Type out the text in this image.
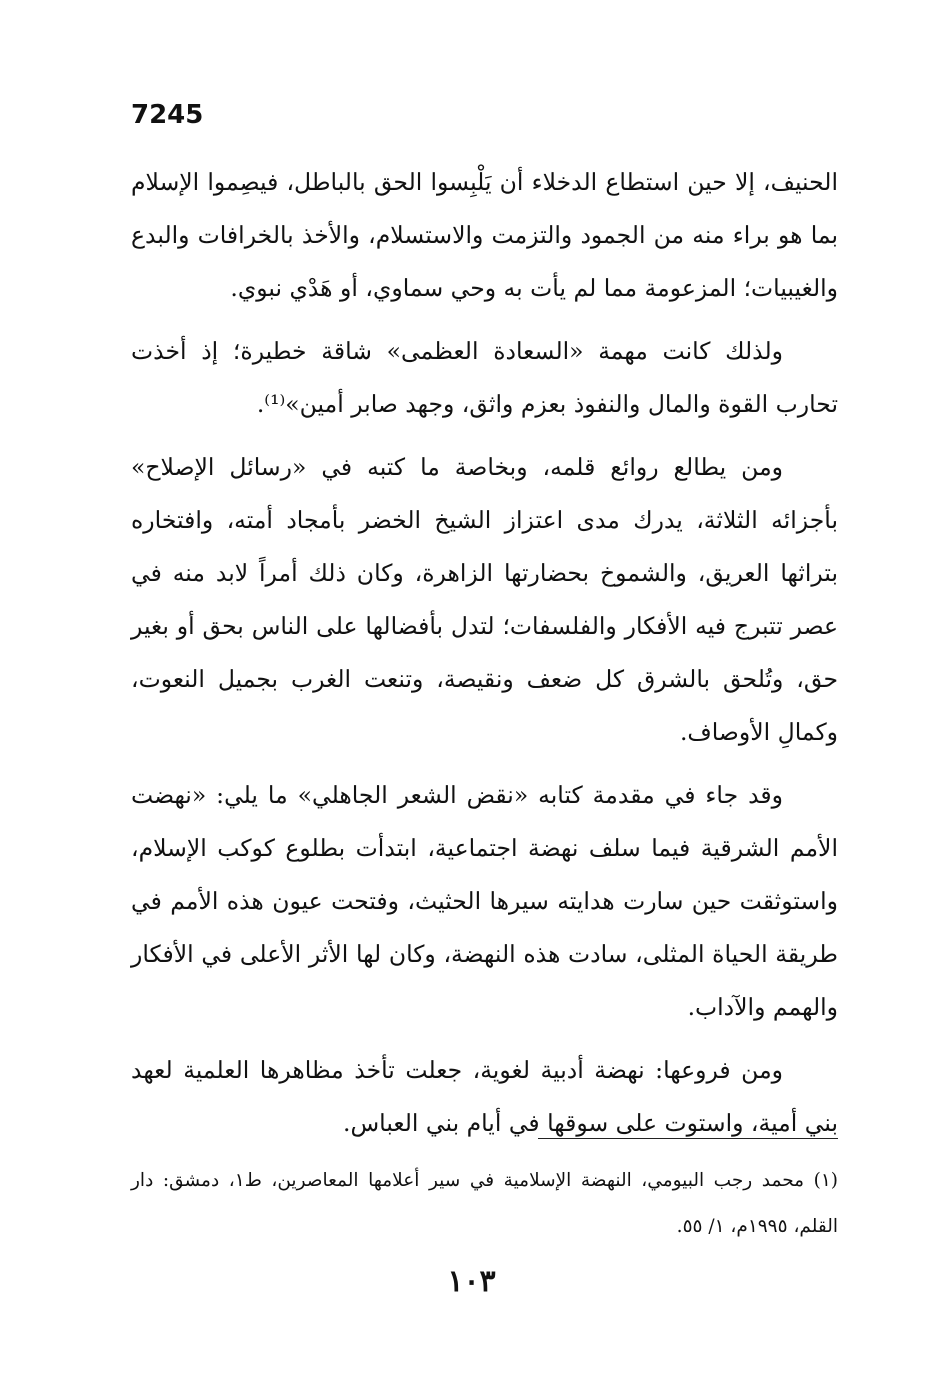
7245

الحنيف، إلا حين استطاع الدخلاء أن يَلْبِسوا الحق بالباطل، فيصِموا الإسلام بما هو براء منه من الجمود والتزمت والاستسلام، والأخذ بالخرافات والبدع والغيبيات؛ المزعومة مما لم يأت به وحي سماوي، أو هَدْي نبوي.

ولذلك كانت مهمة «السعادة العظمى» شاقة خطيرة؛ إذ أخذت تحارب القوة والمال والنفوذ بعزم واثق، وجهد صابر أمين»⁽¹⁾.

ومن يطالع روائع قلمه، وبخاصة ما كتبه في «رسائل الإصلاح» بأجزائه الثلاثة، يدرك مدى اعتزاز الشيخ الخضر بأمجاد أمته، وافتخاره بتراثها العريق، والشموخ بحضارتها الزاهرة، وكان ذلك أمراً لابد منه في عصر تتبرج فيه الأفكار والفلسفات؛ لتدل بأفضالها على الناس بحق أو بغير حق، وتُلحق بالشرق كل ضعف ونقيصة، وتنعت الغرب بجميل النعوت، وكمالِ الأوصاف.

وقد جاء في مقدمة كتابه «نقض الشعر الجاهلي» ما يلي: «نهضت الأمم الشرقية فيما سلف نهضة اجتماعية، ابتدأت بطلوع كوكب الإسلام، واستوثقت حين سارت هدايته سيرها الحثيث، وفتحت عيون هذه الأمم في طريقة الحياة المثلى، سادت هذه النهضة، وكان لها الأثر الأعلى في الأفكار والهمم والآداب.

ومن فروعها: نهضة أدبية لغوية، جعلت تأخذ مظاهرها العلمية لعهد بني أمية، واستوت على سوقها في أيام بني العباس.

(١) محمد رجب البيومي، النهضة الإسلامية في سير أعلامها المعاصرين، ط١، دمشق: دار القلم، ١٩٩٥م، ١/ ٥٥.

١٠٣
